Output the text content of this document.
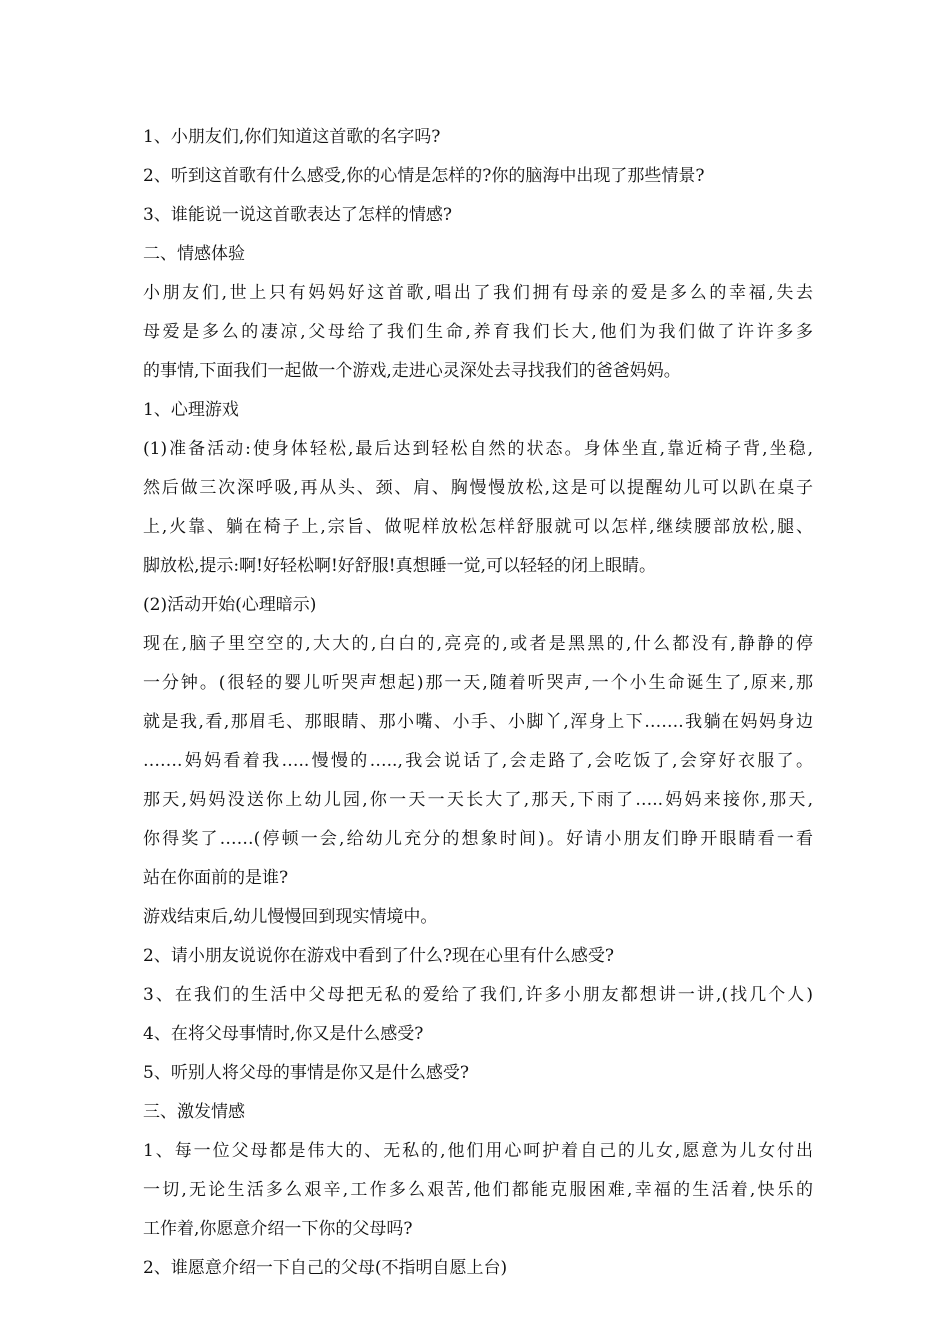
1、小朋友们,你们知道这首歌的名字吗?
2、听到这首歌有什么感受,你的心情是怎样的?你的脑海中出现了那些情景?
3、谁能说一说这首歌表达了怎样的情感?
二、情感体验
小朋友们,世上只有妈妈好这首歌,唱出了我们拥有母亲的爱是多么的幸福,失去
母爱是多么的凄凉,父母给了我们生命,养育我们长大,他们为我们做了许许多多
的事情,下面我们一起做一个游戏,走进心灵深处去寻找我们的爸爸妈妈。
1、心理游戏
(1)准备活动:使身体轻松,最后达到轻松自然的状态。身体坐直,靠近椅子背,坐稳,
然后做三次深呼吸,再从头、颈、肩、胸慢慢放松,这是可以提醒幼儿可以趴在桌子
上,火靠、躺在椅子上,宗旨、做呢样放松怎样舒服就可以怎样,继续腰部放松,腿、
脚放松,提示:啊!好轻松啊!好舒服!真想睡一觉,可以轻轻的闭上眼睛。
(2)活动开始(心理暗示)
现在,脑子里空空的,大大的,白白的,亮亮的,或者是黑黑的,什么都没有,静静的停
一分钟。(很轻的婴儿听哭声想起)那一天,随着听哭声,一个小生命诞生了,原来,那
就是我,看,那眉毛、那眼睛、那小嘴、小手、小脚丫,浑身上下…….我躺在妈妈身边
…….妈妈看着我…..慢慢的…..,我会说话了,会走路了,会吃饭了,会穿好衣服了。
那天,妈妈没送你上幼儿园,你一天一天长大了,那天,下雨了…..妈妈来接你,那天,
你得奖了……(停顿一会,给幼儿充分的想象时间)。好请小朋友们睁开眼睛看一看
站在你面前的是谁?
游戏结束后,幼儿慢慢回到现实情境中。
2、请小朋友说说你在游戏中看到了什么?现在心里有什么感受?
3、在我们的生活中父母把无私的爱给了我们,许多小朋友都想讲一讲,(找几个人)
4、在将父母事情时,你又是什么感受?
5、听别人将父母的事情是你又是什么感受?
三、激发情感
1、每一位父母都是伟大的、无私的,他们用心呵护着自己的儿女,愿意为儿女付出
一切,无论生活多么艰辛,工作多么艰苦,他们都能克服困难,幸福的生活着,快乐的
工作着,你愿意介绍一下你的父母吗?
2、谁愿意介绍一下自己的父母(不指明自愿上台)
